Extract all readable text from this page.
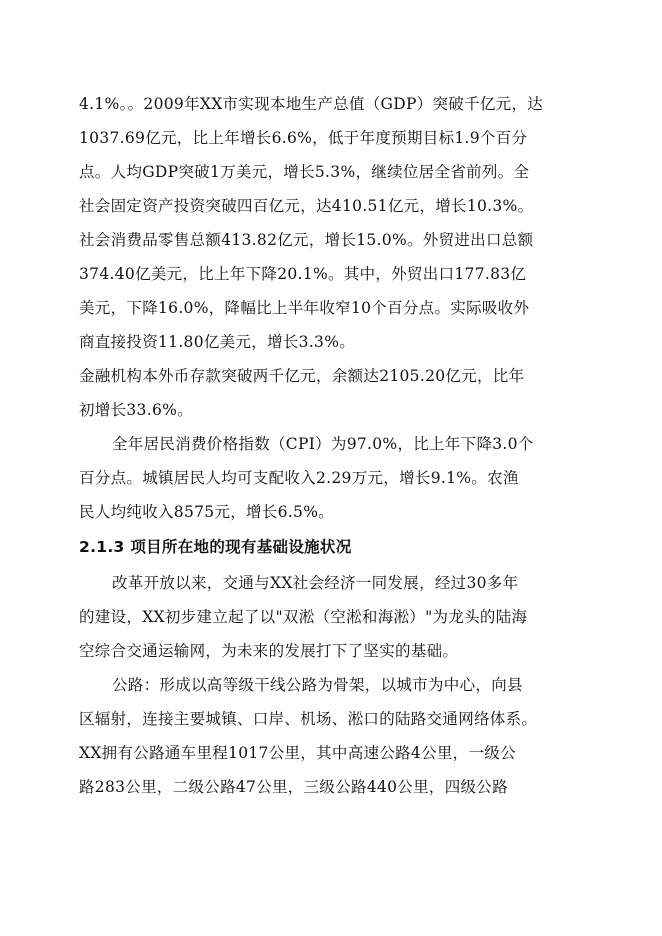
4.1%。。2009年XX市实现本地生产总值（GDP）突破千亿元，达
1037.69亿元，比上年增长6.6%，低于年度预期目标1.9个百分
点。人均GDP突破1万美元，增长5.3%，继续位居全省前列。全
社会固定资产投资突破四百亿元，达410.51亿元，增长10.3%。
社会消费品零售总额413.82亿元，增长15.0%。外贸进出口总额
374.40亿美元，比上年下降20.1%。其中，外贸出口177.83亿
美元，下降16.0%，降幅比上半年收窄10个百分点。实际吸收外
商直接投资11.80亿美元，增长3.3%。
金融机构本外币存款突破两千亿元，余额达2105.20亿元，比年
初增长33.6%。
全年居民消费价格指数（CPI）为97.0%，比上年下降3.0个
百分点。城镇居民人均可支配收入2.29万元，增长9.1%。农渔
民人均纯收入8575元，增长6.5%。
2.1.3 项目所在地的现有基础设施状况
改革开放以来，交通与XX社会经济一同发展，经过30多年
的建设，XX初步建立起了以"双淞（空淞和海淞）"为龙头的陆海
空综合交通运输网，为未来的发展打下了坚实的基础。
公路：形成以高等级干线公路为骨架，以城市为中心，向县
区辐射，连接主要城镇、口岸、机场、淞口的陆路交通网络体系。
XX拥有公路通车里程1017公里，其中高速公路4公里，一级公
路283公里，二级公路47公里，三级公路440公里，四级公路
